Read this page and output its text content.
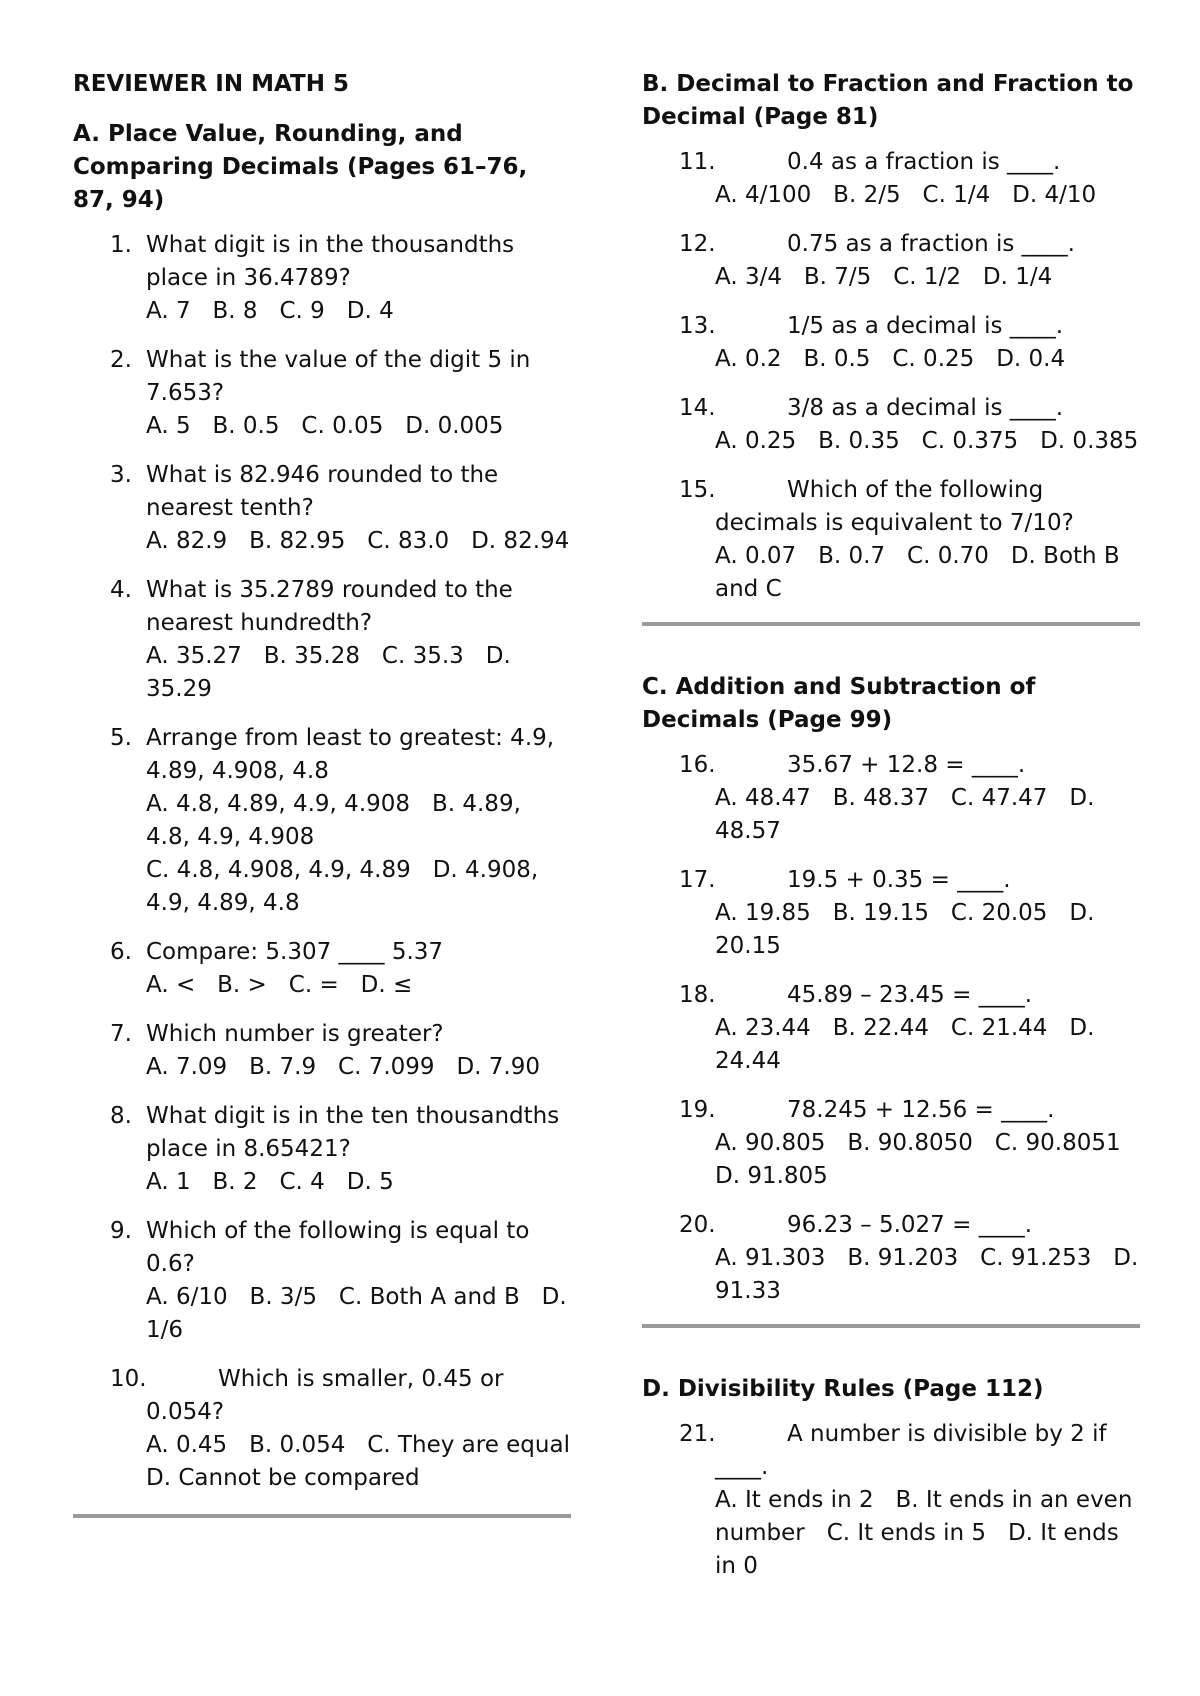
REVIEWER IN MATH 5

A. Place Value, Rounding, and Comparing Decimals (Pages 61–76, 87, 94)

1. What digit is in the thousandths place in 36.4789?
A. 7   B. 8   C. 9   D. 4
2. What is the value of the digit 5 in 7.653?
A. 5   B. 0.5   C. 0.05   D. 0.005
3. What is 82.946 rounded to the nearest tenth?
A. 82.9   B. 82.95   C. 83.0   D. 82.94
4. What is 35.2789 rounded to the nearest hundredth?
A. 35.27   B. 35.28   C. 35.3   D. 35.29
5. Arrange from least to greatest: 4.9, 4.89, 4.908, 4.8
A. 4.8, 4.89, 4.9, 4.908   B. 4.89, 4.8, 4.9, 4.908
C. 4.8, 4.908, 4.9, 4.89   D. 4.908, 4.9, 4.89, 4.8
6. Compare: 5.307 ____ 5.37
A. <   B. >   C. =   D. ≤
7. Which number is greater?
A. 7.09   B. 7.9   C. 7.099   D. 7.90
8. What digit is in the ten thousandths place in 8.65421?
A. 1   B. 2   C. 4   D. 5
9. Which of the following is equal to 0.6?
A. 6/10   B. 3/5   C. Both A and B   D. 1/6
10.	Which is smaller, 0.45 or 0.054?
A. 0.45   B. 0.054   C. They are equal   D. Cannot be compared

B. Decimal to Fraction and Fraction to Decimal (Page 81)

11.	0.4 as a fraction is ____.
A. 4/100   B. 2/5   C. 1/4   D. 4/10
12.	0.75 as a fraction is ____.
A. 3/4   B. 7/5   C. 1/2   D. 1/4
13.	1/5 as a decimal is ____.
A. 0.2   B. 0.5   C. 0.25   D. 0.4
14.	3/8 as a decimal is ____.
A. 0.25   B. 0.35   C. 0.375   D. 0.385
15.	Which of the following decimals is equivalent to 7/10?
A. 0.07   B. 0.7   C. 0.70   D. Both B and C

C. Addition and Subtraction of Decimals (Page 99)

16.	35.67 + 12.8 = ____.
A. 48.47   B. 48.37   C. 47.47   D. 48.57
17.	19.5 + 0.35 = ____.
A. 19.85   B. 19.15   C. 20.05   D. 20.15
18.	45.89 – 23.45 = ____.
A. 23.44   B. 22.44   C. 21.44   D. 24.44
19.	78.245 + 12.56 = ____.
A. 90.805   B. 90.8050   C. 90.8051   D. 91.805
20.	96.23 – 5.027 = ____.
A. 91.303   B. 91.203   C. 91.253   D. 91.33

D. Divisibility Rules (Page 112)

21.	A number is divisible by 2 if ____.
A. It ends in 2   B. It ends in an even number   C. It ends in 5   D. It ends in 0
